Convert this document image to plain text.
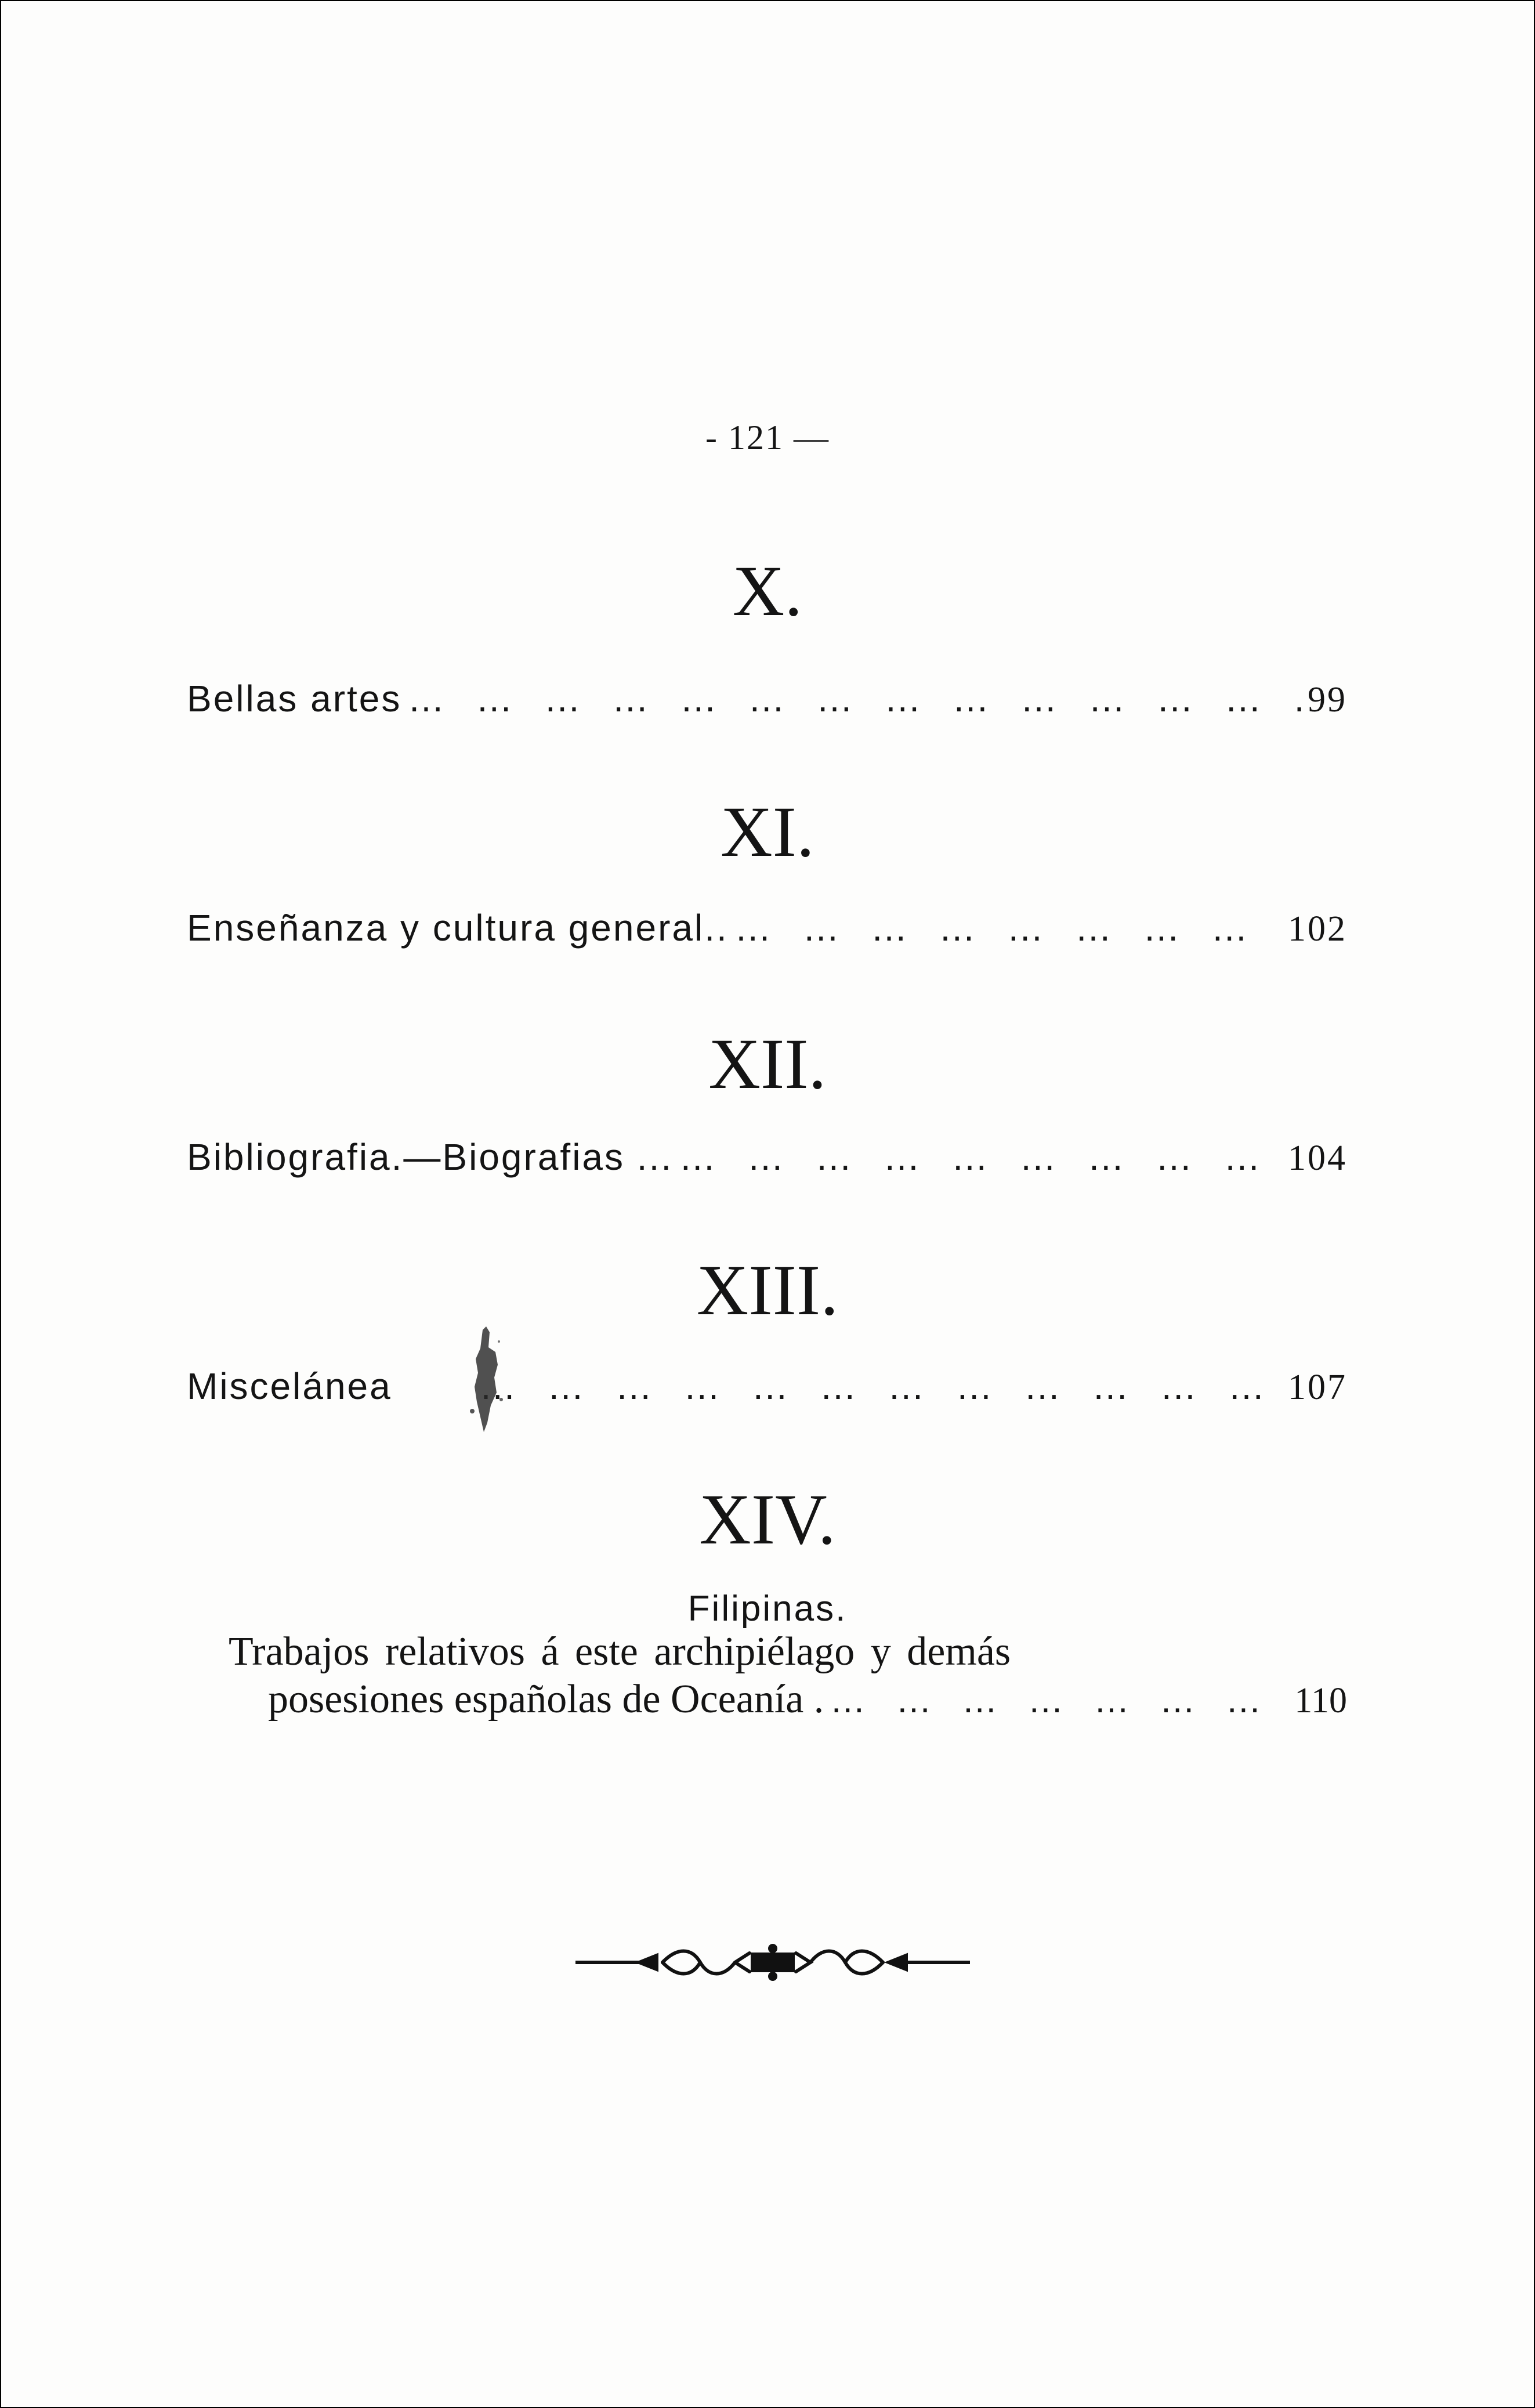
- 121 —
X.
Bellas artes …   …   …   …   …   …   …   …   …   …   …   …   …   …   …   …   …   …   …	99
XI.
Enseñanza y cultura general.. …   …   …   …   …   …   …   …   …   …   …   …   …   …   …   …   …   …   …	102
XII.
Bibliografia.—Biografias ... …   …   …   …   …   …   …   …   …   …   …   …   …   …   …   …   …   …   …	104
XIII.
Miscelánea …   …   …   …   …   …   …   …   …   …   …   …   …   …   …   …   …   …   …	107
XIV.
Filipinas.
Trabajos relativos á este archipiélago y demás
posesiones españolas de Oceanía . …   …   …   …   …   …   …   …	110
